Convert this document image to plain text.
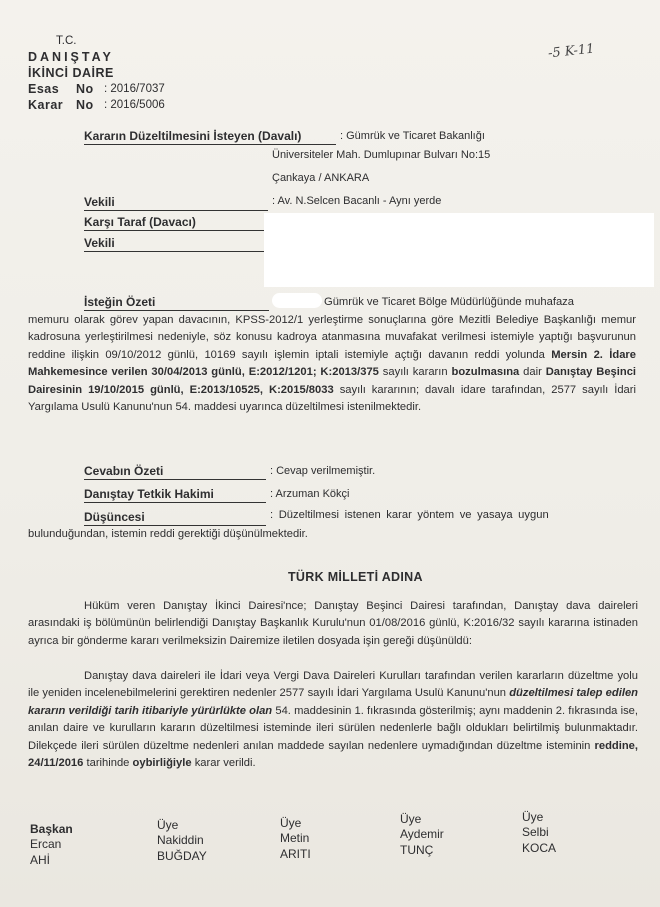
T.C.
DANIŞTAY
İKİNCİ DAİRE
Esas No : 2016/7037
Karar No : 2016/5006
-5 K-11
Kararın Düzeltilmesini İsteyen (Davalı)	: Gümrük ve Ticaret Bakanlığı
Üniversiteler Mah. Dumlupınar Bulvarı No:15
Çankaya / ANKARA
Vekili	: Av. N.Selcen Bacanlı - Aynı yerde
Karşı Taraf (Davacı)
Vekili
İsteğin Özeti	Gümrük ve Ticaret Bölge Müdürlüğünde muhafaza
memuru olarak görev yapan davacının, KPSS-2012/1 yerleştirme sonuçlarına göre Mezitli Belediye Başkanlığı memur kadrosuna yerleştirilmesi nedeniyle, söz konusu kadroya atanmasına muvafakat verilmesi istemiyle yaptığı başvurunun reddine ilişkin 09/10/2012 günlü, 10169 sayılı işlemin iptali istemiyle açtığı davanın reddi yolunda Mersin 2. İdare Mahkemesince verilen 30/04/2013 günlü, E:2012/1201; K:2013/375 sayılı kararın bozulmasına dair Danıştay Beşinci Dairesinin 19/10/2015 günlü, E:2013/10525, K:2015/8033 sayılı kararının; davalı idare tarafından, 2577 sayılı İdari Yargılama Usulü Kanunu'nun 54. maddesi uyarınca düzeltilmesi istenilmektedir.
Cevabın Özeti	: Cevap verilmemiştir.
Danıştay Tetkik Hakimi	: Arzuman Kökçi
Düşüncesi	: Düzeltilmesi istenen karar yöntem ve yasaya uygun
bulunduğundan, istemin reddi gerektiği düşünülmektedir.
TÜRK MİLLETİ ADINA
Hüküm veren Danıştay İkinci Dairesi'nce; Danıştay Beşinci Dairesi tarafından, Danıştay dava daireleri arasındaki iş bölümünün belirlendiği Danıştay Başkanlık Kurulu'nun 01/08/2016 günlü, K:2016/32 sayılı kararına istinaden ayrıca bir gönderme kararı verilmeksizin Dairemize iletilen dosyada işin gereği düşünüldü:
Danıştay dava daireleri ile İdari veya Vergi Dava Daireleri Kurulları tarafından verilen kararların düzeltme yolu ile yeniden incelenebilmelerini gerektiren nedenler 2577 sayılı İdari Yargılama Usulü Kanunu'nun düzeltilmesi talep edilen kararın verildiği tarih itibariyle yürürlükte olan 54. maddesinin 1. fıkrasında gösterilmiş; aynı maddenin 2. fıkrasında ise, anılan daire ve kurulların kararın düzeltilmesi isteminde ileri sürülen nedenlerle bağlı oldukları belirtilmiş bulunmaktadır. Dilekçede ileri sürülen düzeltme nedenleri anılan maddede sayılan nedenlere uymadığından düzeltme isteminin reddine, 24/11/2016 tarihinde oybirliğiyle karar verildi.
Başkan
Ercan
AHİ
Üye
Nakiddin
BUĞDAY
Üye
Metin
ARITI
Üye
Aydemir
TUNÇ
Üye
Selbi
KOCA
